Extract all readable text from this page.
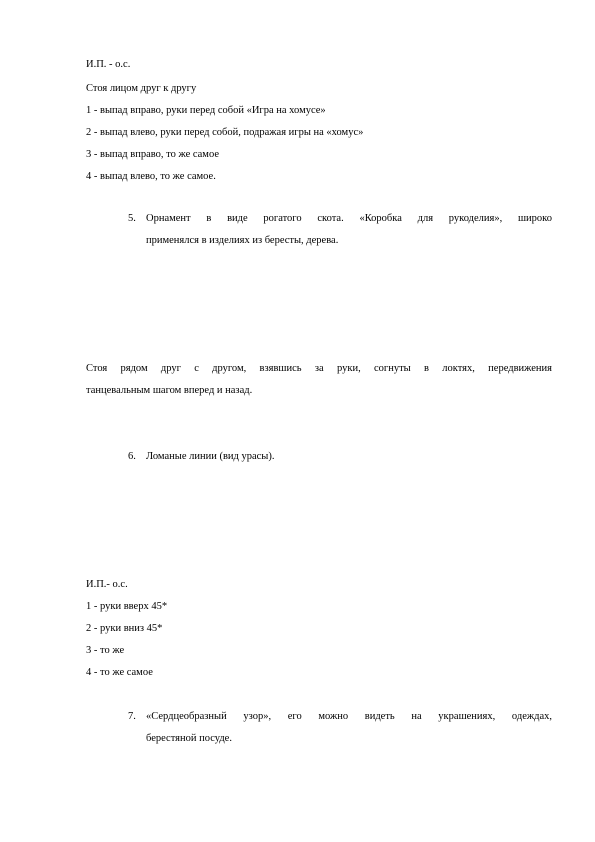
И.П. - о.с.
Стоя лицом друг к другу
1 - выпад вправо, руки перед собой «Игра на хомусе»
2 - выпад влево, руки перед собой, подражая игры на «хомус»
3 - выпад вправо, то же самое
4 - выпад влево, то же самое.
5. Орнамент в виде рогатого скота. «Коробка для рукоделия», широко
применялся в изделиях из бересты, дерева.
Стоя рядом друг с другом, взявшись за руки, согнуты в локтях, передвижения
танцевальным шагом вперед и назад.
6. Ломаные линии (вид урасы).
И.П.- о.с.
1 - руки вверх 45*
2 - руки вниз 45*
3 - то же
4 - то же самое
7. «Сердцеобразный узор», его можно видеть на украшениях, одеждах,
берестяной посуде.
